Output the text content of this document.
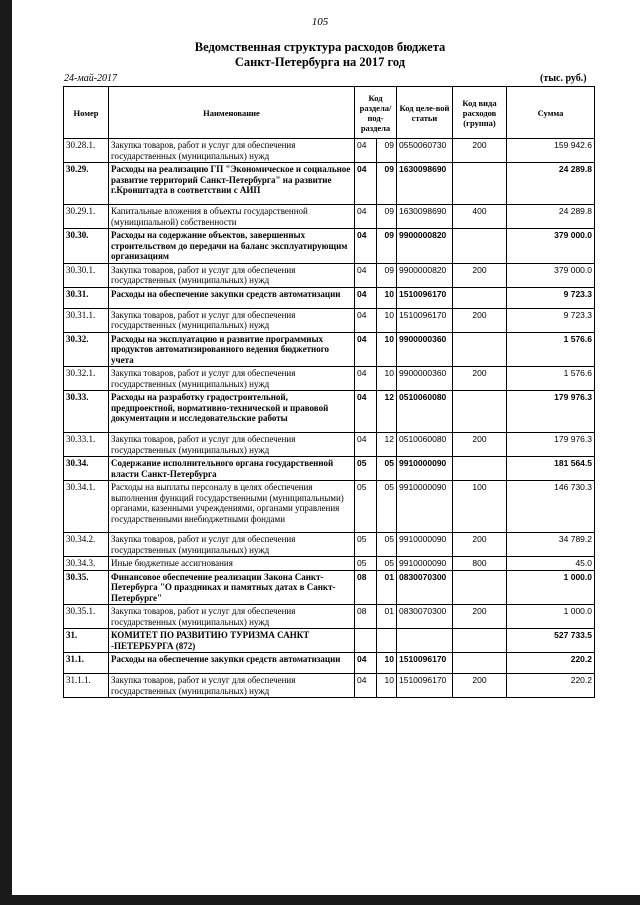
105
Ведомственная структура расходов бюджета
Санкт-Петербурга на 2017 год
24-май-2017	(тыс. руб.)
Номер	Наименование	Код раздела/ под-раздела		Код целе-вой статьи	Код вида расходов (группа)	Сумма
30.28.1.	Закупка товаров, работ и услуг для обеспечения государственных (муниципальных) нужд	04	09	0550060730	200	159 942.6
30.29.	Расходы на реализацию ГП "Экономическое и социальное развитие территорий Санкт-Петербурга" на развитие г.Кронштадта в соответствии с АИП	04	09	1630098690		24 289.8
30.29.1.	Капитальные вложения в объекты государственной (муниципальной) собственности	04	09	1630098690	400	24 289.8
30.30.	Расходы на содержание объектов, завершенных строительством до передачи на баланс эксплуатирующим организациям	04	09	9900000820		379 000.0
30.30.1.	Закупка товаров, работ и услуг для обеспечения государственных (муниципальных) нужд	04	09	9900000820	200	379 000.0
30.31.	Расходы на обеспечение закупки средств автоматизации	04	10	1510096170		9 723.3
30.31.1.	Закупка товаров, работ и услуг для обеспечения государственных (муниципальных) нужд	04	10	1510096170	200	9 723.3
30.32.	Расходы на эксплуатацию и развитие программных продуктов автоматизированного ведения бюджетного учета	04	10	9900000360		1 576.6
30.32.1.	Закупка товаров, работ и услуг для обеспечения государственных (муниципальных) нужд	04	10	9900000360	200	1 576.6
30.33.	Расходы на разработку градостроительной, предпроектной, нормативно-технической и правовой документации и исследовательские работы	04	12	0510060080		179 976.3
30.33.1.	Закупка товаров, работ и услуг для обеспечения государственных (муниципальных) нужд	04	12	0510060080	200	179 976.3
30.34.	Содержание исполнительного органа государственной власти Санкт-Петербурга	05	05	9910000090		181 564.5
30.34.1.	Расходы на выплаты персоналу в целях обеспечения выполнения функций государственными (муниципальными) органами, казенными учреждениями, органами управления государственными внебюджетными фондами	05	05	9910000090	100	146 730.3
30.34.2.	Закупка товаров, работ и услуг для обеспечения государственных (муниципальных) нужд	05	05	9910000090	200	34 789.2
30.34.3.	Иные бюджетные ассигнования	05	05	9910000090	800	45.0
30.35.	Финансовое обеспечение реализации Закона Санкт-Петербурга "О праздниках и памятных датах в Санкт-Петербурге"	08	01	0830070300		1 000.0
30.35.1.	Закупка товаров, работ и услуг для обеспечения государственных (муниципальных) нужд	08	01	0830070300	200	1 000.0
31.	КОМИТЕТ ПО РАЗВИТИЮ ТУРИЗМА САНКТ -ПЕТЕРБУРГА (872)					527 733.5
31.1.	Расходы на обеспечение закупки средств автоматизации	04	10	1510096170		220.2
31.1.1.	Закупка товаров, работ и услуг для обеспечения государственных (муниципальных) нужд	04	10	1510096170	200	220.2
